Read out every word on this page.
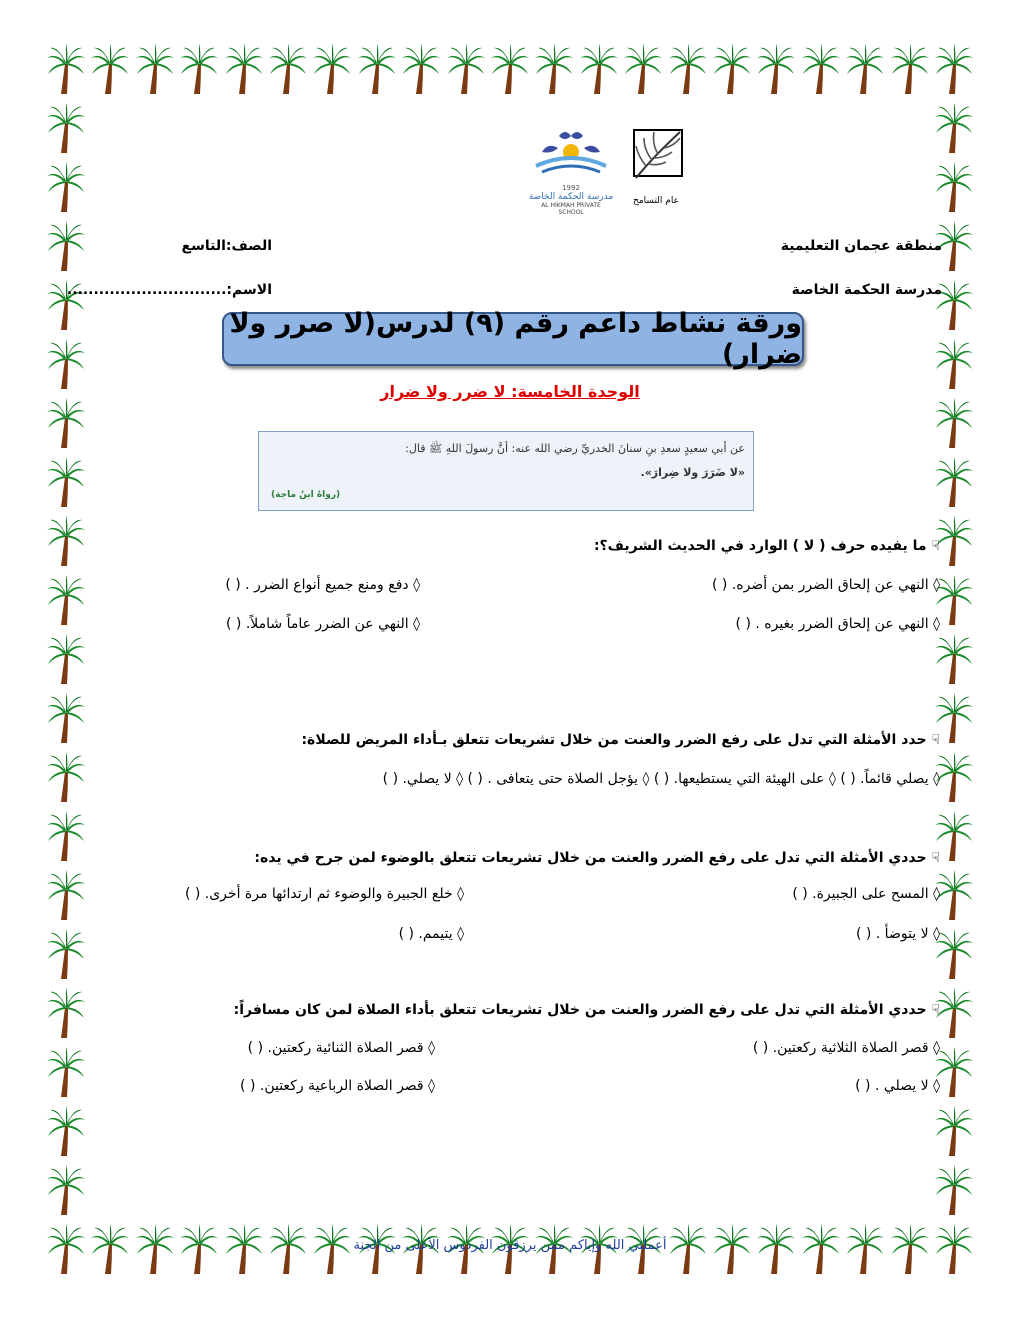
عام التسامح
1992
مدرسة الحكمة الخاصة
AL HIKMAH PRIVATE SCHOOL
منطقة عجمان التعليمية
الصف:التاسع
مدرسة الحكمة الخاصة
الاسم:..............................
ورقة نشاط داعم رقم (٩) لدرس(لا صرر ولا ضرار)
الوحدة الخامسة: لا ضرر ولا ضرار
عن أبي سعيدٍ سعدِ بنِ سنانَ الخدريِّ رضي الله عنه: أنَّ رسولَ اللهِ ﷺ قال:
«لا ضَرَرَ ولا ضِرارَ».
(رواهُ ابنُ ماجة)
☟ ما يفيده حرف ( لا ) الوارد في الحديث الشريف؟:
◊ النهي عن إلحاق الضرر بمن أضره. ( )
◊ دفع ومنع جميع أنواع الضرر . ( )
◊ النهي عن إلحاق الضرر بغيره . ( )
◊ النهي عن الضرر عاماً شاملاً. ( )
☟ حدد الأمثلة التي تدل على رفع الضرر والعنت من خلال تشريعات تتعلق بـأداء المريض للصلاة:
◊ يصلي قائماً. ( ) ◊ على الهيئة التي يستطيعها. ( ) ◊ يؤجل الصلاة حتى يتعافى . ( ) ◊ لا يصلي. ( )
☟ حددي الأمثلة التي تدل على رفع الضرر والعنت من خلال تشريعات تتعلق بالوضوء لمن جرح في يده:
◊ المسح على الجبيرة. ( )
◊ خلع الجبيرة والوضوء ثم ارتدائها مرة أخرى. ( )
◊ لا يتوضأ . ( )
◊ يتيمم. ( )
☟ حددي الأمثلة التي تدل على رفع الضرر والعنت من خلال تشريعات تتعلق بأداء الصلاة لمن كان مسافراً:
◊ قصر الصلاة الثلاثية ركعتين. ( )
◊ قصر الصلاة الثنائية ركعتين. ( )
◊ لا يصلي . ( )
◊ قصر الصلاة الرباعية ركعتين. ( )
أعملني الله وإياكم ممن يرزقون الفردوس الأعلى من الجنة
